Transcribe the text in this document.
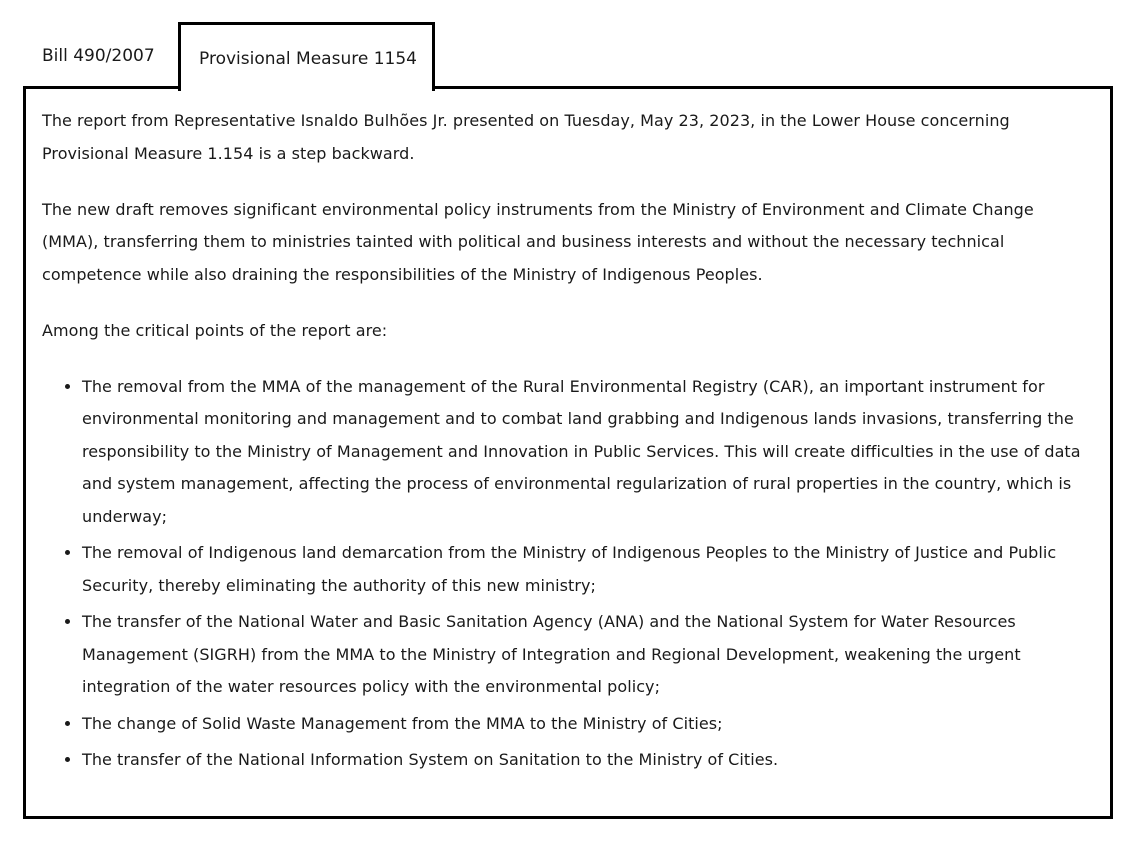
Bill 490/2007	Provisional Measure 1154

The report from Representative Isnaldo Bulhões Jr. presented on Tuesday, May 23, 2023, in the Lower House concerning Provisional Measure 1.154 is a step backward.

The new draft removes significant environmental policy instruments from the Ministry of Environment and Climate Change (MMA), transferring them to ministries tainted with political and business interests and without the necessary technical competence while also draining the responsibilities of the Ministry of Indigenous Peoples.

Among the critical points of the report are:

• The removal from the MMA of the management of the Rural Environmental Registry (CAR), an important instrument for environmental monitoring and management and to combat land grabbing and Indigenous lands invasions, transferring the responsibility to the Ministry of Management and Innovation in Public Services. This will create difficulties in the use of data and system management, affecting the process of environmental regularization of rural properties in the country, which is underway;
• The removal of Indigenous land demarcation from the Ministry of Indigenous Peoples to the Ministry of Justice and Public Security, thereby eliminating the authority of this new ministry;
• The transfer of the National Water and Basic Sanitation Agency (ANA) and the National System for Water Resources Management (SIGRH) from the MMA to the Ministry of Integration and Regional Development, weakening the urgent integration of the water resources policy with the environmental policy;
• The change of Solid Waste Management from the MMA to the Ministry of Cities;
• The transfer of the National Information System on Sanitation to the Ministry of Cities.
